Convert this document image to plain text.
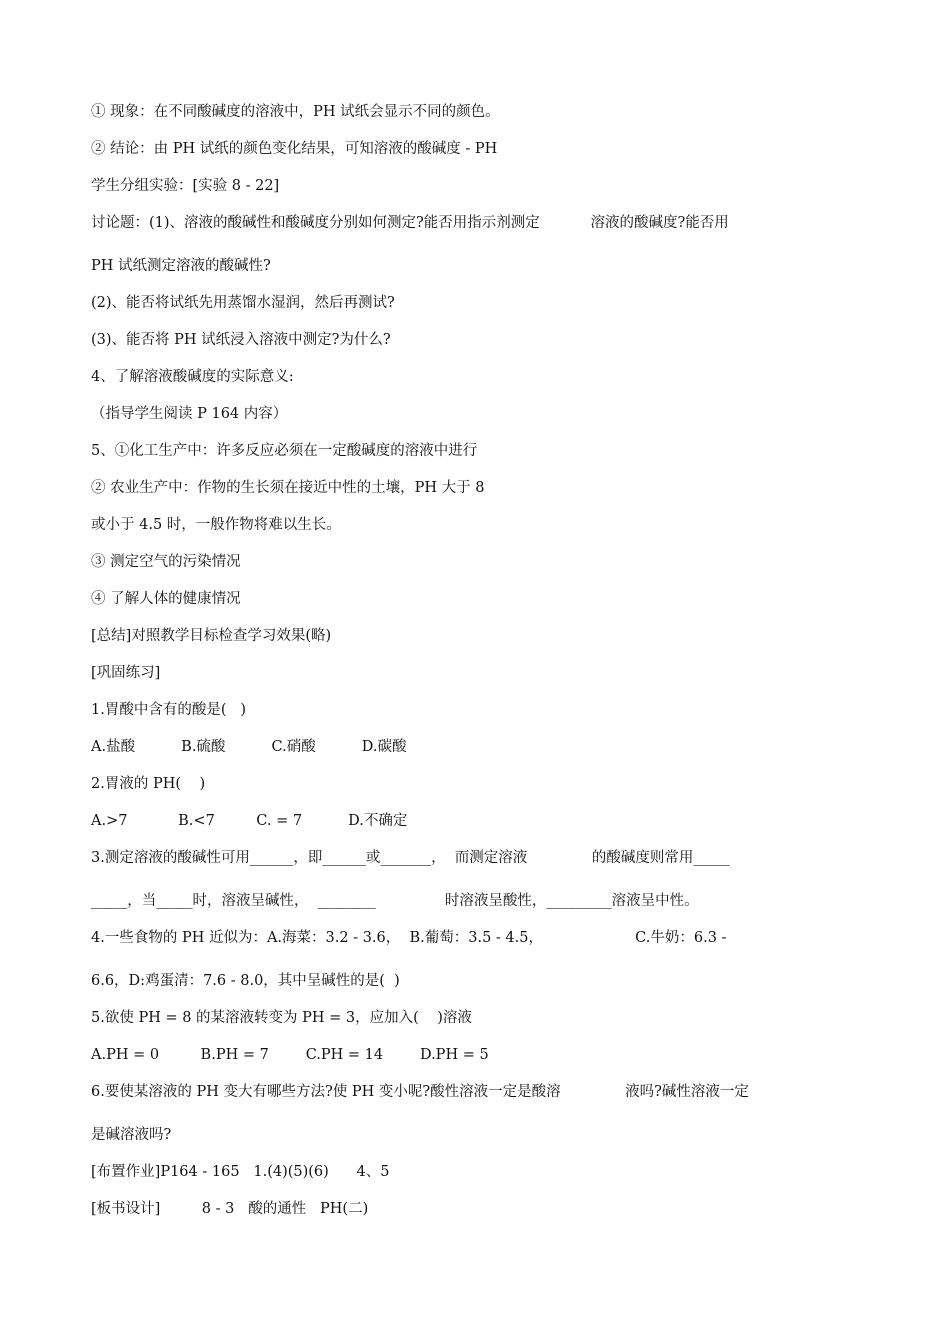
① 现象：在不同酸碱度的溶液中，PH 试纸会显示不同的颜色。
② 结论：由 PH 试纸的颜色变化结果，可知溶液的酸碱度 - PH
学生分组实验：[实验 8 - 22]
讨论题：(1)、溶液的酸碱性和酸碱度分别如何测定?能否用指示剂测定           溶液的酸碱度?能否用
PH 试纸测定溶液的酸碱性?
(2)、能否将试纸先用蒸馏水湿润，然后再测试?
(3)、能否将 PH 试纸浸入溶液中测定?为什么?
4、了解溶液酸碱度的实际意义:
（指导学生阅读 P 164 内容）
5、①化工生产中：许多反应必须在一定酸碱度的溶液中进行
② 农业生产中：作物的生长须在接近中性的土壤，PH 大于 8
或小于 4.5 时，一般作物将难以生长。
③ 测定空气的污染情况
④ 了解人体的健康情况
[总结]对照教学目标检查学习效果(略)
[巩固练习]
1.胃酸中含有的酸是(   )
A.盐酸          B.硫酸          C.硝酸          D.碳酸
2.胃液的 PH(    )
A.>7           B.<7         C. = 7          D.不确定
3.测定溶液的酸碱性可用______，即______或_______，  而测定溶液              的酸碱度则常用_____
_____，当_____时，溶液呈碱性，  ________               时溶液呈酸性，_________溶液呈中性。
4.一些食物的 PH 近似为：A.海菜：3.2 - 3.6，  B.葡萄：3.5 - 4.5，                    C.牛奶：6.3 -
6.6，D:鸡蛋清：7.6 - 8.0，其中呈碱性的是(  )
5.欲使 PH = 8 的某溶液转变为 PH = 3，应加入(    )溶液
A.PH = 0         B.PH = 7        C.PH = 14        D.PH = 5
6.要使某溶液的 PH 变大有哪些方法?使 PH 变小呢?酸性溶液一定是酸溶              液吗?碱性溶液一定
是碱溶液吗?
[布置作业]P164 - 165   1.(4)(5)(6)      4、5
[板书设计]         8 - 3   酸的通性   PH(二)
